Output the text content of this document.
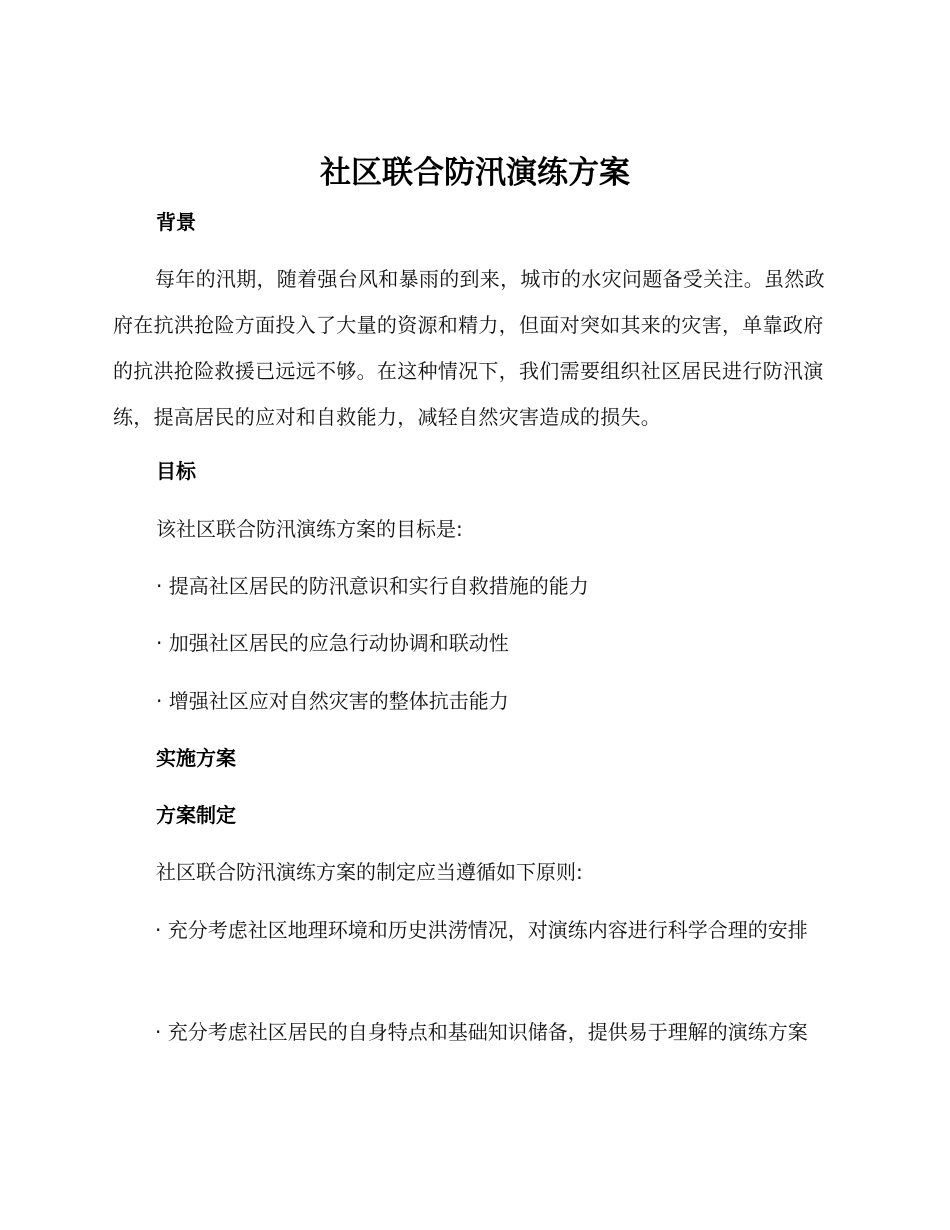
社区联合防汛演练方案
背景

每年的汛期，随着强台风和暴雨的到来，城市的水灾问题备受关注。虽然政府在抗洪抢险方面投入了大量的资源和精力，但面对突如其来的灾害，单靠政府的抗洪抢险救援已远远不够。在这种情况下，我们需要组织社区居民进行防汛演练，提高居民的应对和自救能力，减轻自然灾害造成的损失。

目标

该社区联合防汛演练方案的目标是:

· 提高社区居民的防汛意识和实行自救措施的能力

· 加强社区居民的应急行动协调和联动性

· 增强社区应对自然灾害的整体抗击能力

实施方案
方案制定

社区联合防汛演练方案的制定应当遵循如下原则:

· 充分考虑社区地理环境和历史洪涝情况，对演练内容进行科学合理的安排

· 充分考虑社区居民的自身特点和基础知识储备，提供易于理解的演练方案
